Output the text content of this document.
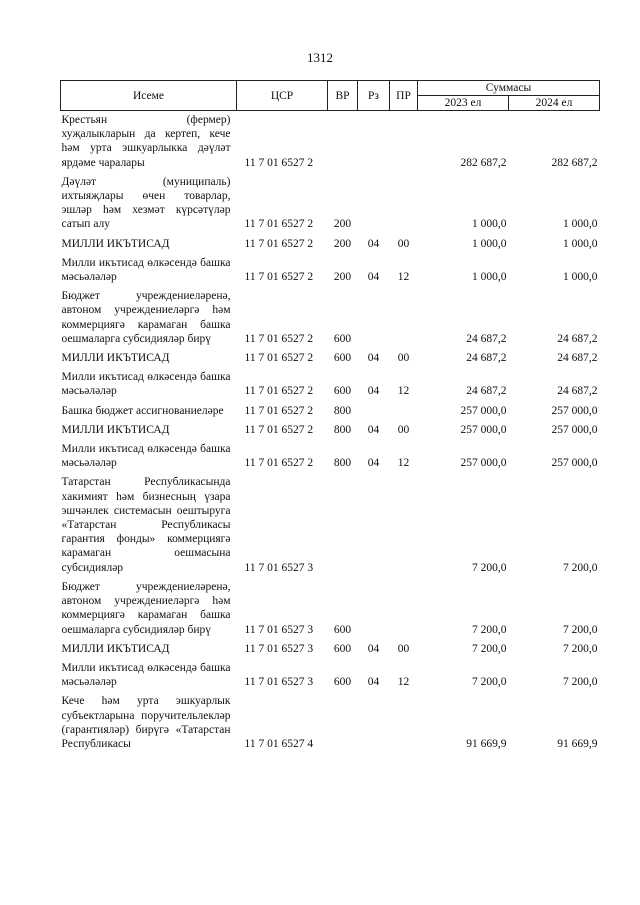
1312
Исеме	ЦСР	ВР	Рз	ПР	Суммасы	
					2023 ел	2024 ел
Крестьян (фермер) хуҗалыкларын да кертеп, кече һәм урта эшкуарлыкка дәүләт ярдәме чаралары	11 7 01 6527 2				282 687,2	282 687,2
Дәүләт (муниципаль) ихтыяҗлары өчен товарлар, эшләр һәм хезмәт күрсәтүләр сатып алу	11 7 01 6527 2	200			1 000,0	1 000,0
МИЛЛИ ИКЪТИСАД	11 7 01 6527 2	200	04	00	1 000,0	1 000,0
Милли икътисад өлкәсендә башка мәсьәләләр	11 7 01 6527 2	200	04	12	1 000,0	1 000,0
Бюджет учреждениеләренә, автоном учреждениеләргә һәм коммерциягә карамаган башка оешмаларга субсидияләр бирү	11 7 01 6527 2	600			24 687,2	24 687,2
МИЛЛИ ИКЪТИСАД	11 7 01 6527 2	600	04	00	24 687,2	24 687,2
Милли икътисад өлкәсендә башка мәсьәләләр	11 7 01 6527 2	600	04	12	24 687,2	24 687,2
Башка бюджет ассигнованиеләре	11 7 01 6527 2	800			257 000,0	257 000,0
МИЛЛИ ИКЪТИСАД	11 7 01 6527 2	800	04	00	257 000,0	257 000,0
Милли икътисад өлкәсендә башка мәсьәләләр	11 7 01 6527 2	800	04	12	257 000,0	257 000,0
Татарстан Республикасында хакимият һәм бизнесның үзара эшчәнлек системасын оештыруга «Татарстан Республикасы гарантия фонды» коммерциягә карамаган оешмасына субсидияләр	11 7 01 6527 3				7 200,0	7 200,0
Бюджет учреждениеләренә, автоном учреждениеләргә һәм коммерциягә карамаган башка оешмаларга субсидияләр бирү	11 7 01 6527 3	600			7 200,0	7 200,0
МИЛЛИ ИКЪТИСАД	11 7 01 6527 3	600	04	00	7 200,0	7 200,0
Милли икътисад өлкәсендә башка мәсьәләләр	11 7 01 6527 3	600	04	12	7 200,0	7 200,0
Кече һәм урта эшкуарлык субъектларына поручительлекләр (гарантияләр) бирүгә «Татарстан Республикасы	11 7 01 6527 4				91 669,9	91 669,9
